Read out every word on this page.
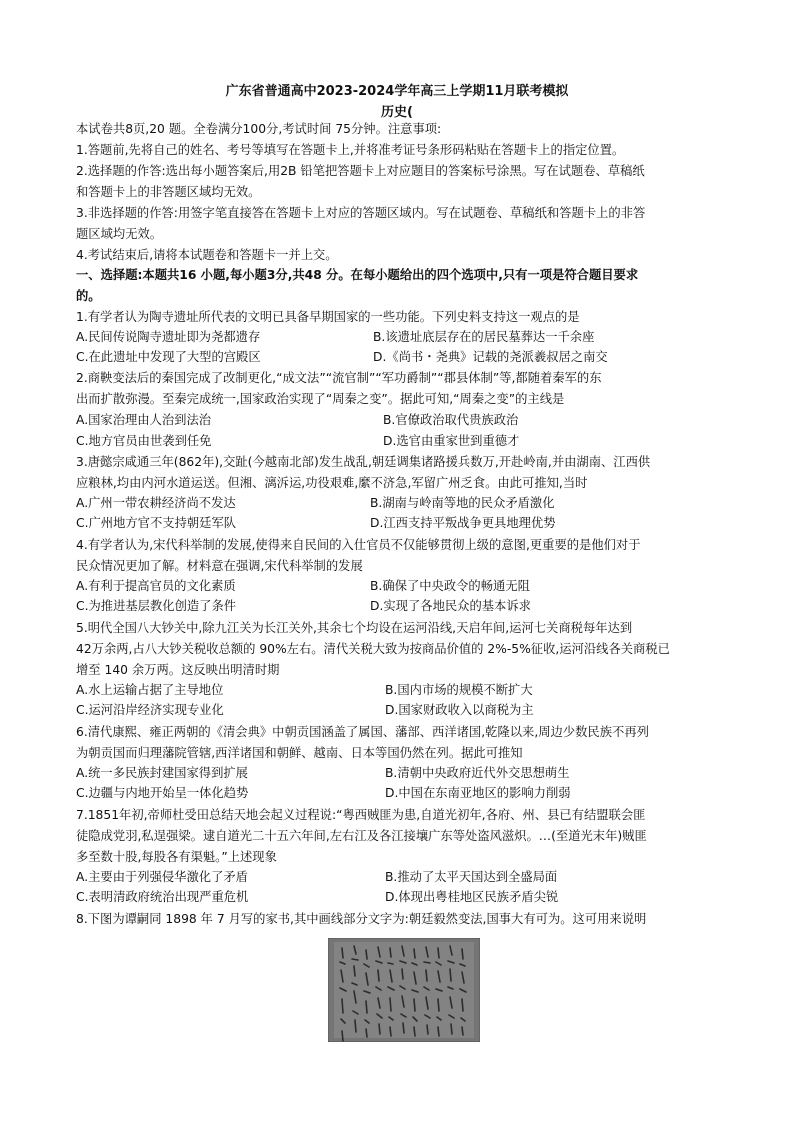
广东省普通高中2023-2024学年高三上学期11月联考模拟
历史(
本试卷共8页,20 题。全卷满分100分,考试时间 75分钟。注意事项:
1.答题前,先将自己的姓名、考号等填写在答题卡上,并将准考证号条形码粘贴在答题卡上的指定位置。
2.选择题的作答:选出每小题答案后,用2B 铅笔把答题卡上对应题目的答案标号涂黑。写在试题卷、草稿纸
和答题卡上的非答题区域均无效。
3.非选择题的作答:用签字笔直接答在答题卡上对应的答题区域内。写在试题卷、草稿纸和答题卡上的非答
题区域均无效。
4.考试结束后,请将本试题卷和答题卡一并上交。
一、选择题:本题共16 小题,每小题3分,共48 分。在每小题给出的四个选项中,只有一项是符合题目要求
的。
1.有学者认为陶寺遗址所代表的文明已具备早期国家的一些功能。下列史料支持这一观点的是
A.民间传说陶寺遗址即为尧都遗存	B.该遗址底层存在的居民墓葬达一千余座
C.在此遗址中发现了大型的宫殿区	D.《尚书・尧典》记载的尧派羲叔居之南交
2.商鞅变法后的秦国完成了改制更化,“成文法”“流官制”“军功爵制”“郡县体制”等,都随着秦军的东
出而扩散弥漫。至秦完成统一,国家政治实现了“周秦之变”。据此可知,“周秦之变”的主线是
A.国家治理由人治到法治	B.官僚政治取代贵族政治
C.地方官员由世袭到任免	D.选官由重家世到重德才
3.唐懿宗咸通三年(862年),交趾(今越南北部)发生战乱,朝廷调集诸路援兵数万,开赴岭南,并由湖南、江西供
应粮林,均由内河水道运送。但湘、漓泝运,功役艰难,縻不济急,军留广州乏食。由此可推知,当时
A.广州一带农耕经济尚不发达	B.湖南与岭南等地的民众矛盾激化
C.广州地方官不支持朝廷军队	D.江西支持平叛战争更具地理优势
4.有学者认为,宋代科举制的发展,使得来自民间的入仕官员不仅能够贯彻上级的意图,更重要的是他们对于
民众情况更加了解。材料意在强调,宋代科举制的发展
A.有利于提高官员的文化素质	B.确保了中央政令的畅通无阻
C.为推进基层教化创造了条件	D.实现了各地民众的基本诉求
5.明代全国八大钞关中,除九江关为长江关外,其余七个均设在运河沿线,天启年间,运河七关商税每年达到
42万余两,占八大钞关税收总额的 90%左右。清代关税大致为按商品价值的 2%-5%征收,运河沿线各关商税已
增至 140 余万两。这反映出明清时期
A.水上运输占据了主导地位	B.国内市场的规模不断扩大
C.运河沿岸经济实现专业化	D.国家财政收入以商税为主
6.清代康熙、雍正两朝的《清会典》中朝贡国涵盖了属国、藩部、西洋诸国,乾隆以来,周边少数民族不再列
为朝贡国而归理藩院管辖,西洋诸国和朝鲜、越南、日本等国仍然在列。据此可推知
A.统一多民族封建国家得到扩展	B.清朝中央政府近代外交思想萌生
C.边疆与内地开始呈一体化趋势	D.中国在东南亚地区的影响力削弱
7.1851年初,帝师杜受田总结天地会起义过程说:“粤西贼匪为患,自道光初年,各府、州、县已有结盟联会匪
徒隐成党羽,私逞强梁。逮自道光二十五六年间,左右江及各江接壤广东等处盗风滋炽。…(至道光末年)贼匪
多至数十股,每股各有渠魁。”上述现象
A.主要由于列强侵华激化了矛盾	B.推动了太平天国达到全盛局面
C.表明清政府统治出现严重危机	D.体现出粤桂地区民族矛盾尖锐
8.下图为谭嗣同 1898 年 7 月写的家书,其中画线部分文字为:朝廷毅然变法,国事大有可为。这可用来说明
